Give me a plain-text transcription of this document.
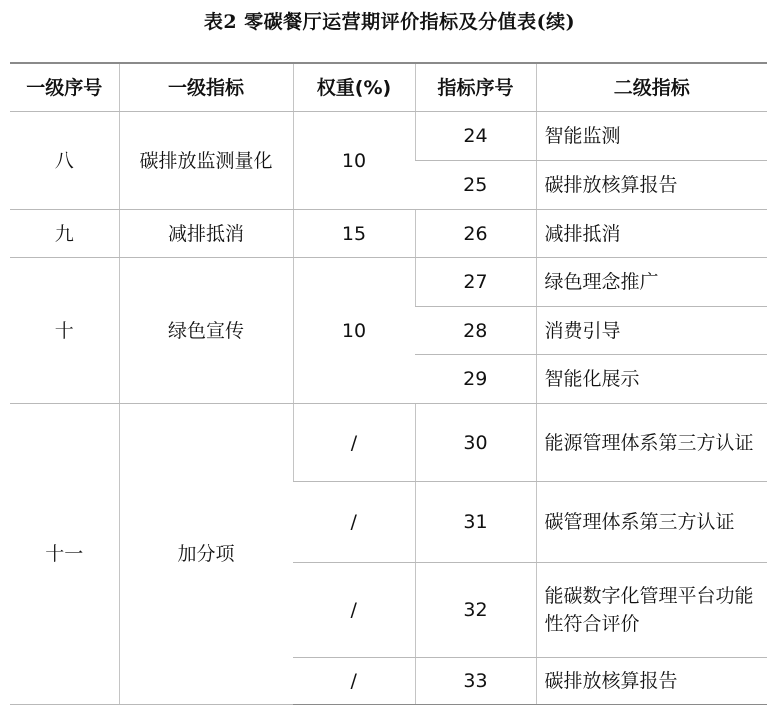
表2 零碳餐厅运营期评价指标及分值表(续)
一级序号	一级指标	权重(%)	指标序号	二级指标
八	碳排放监测量化	10	24	智能监测
			25	碳排放核算报告
九	减排抵消	15	26	减排抵消
十	绿色宣传	10	27	绿色理念推广
			28	消费引导
			29	智能化展示
十一	加分项	/	30	能源管理体系第三方认证
		/	31	碳管理体系第三方认证
		/	32	能碳数字化管理平台功能性符合评价
		/	33	碳排放核算报告
